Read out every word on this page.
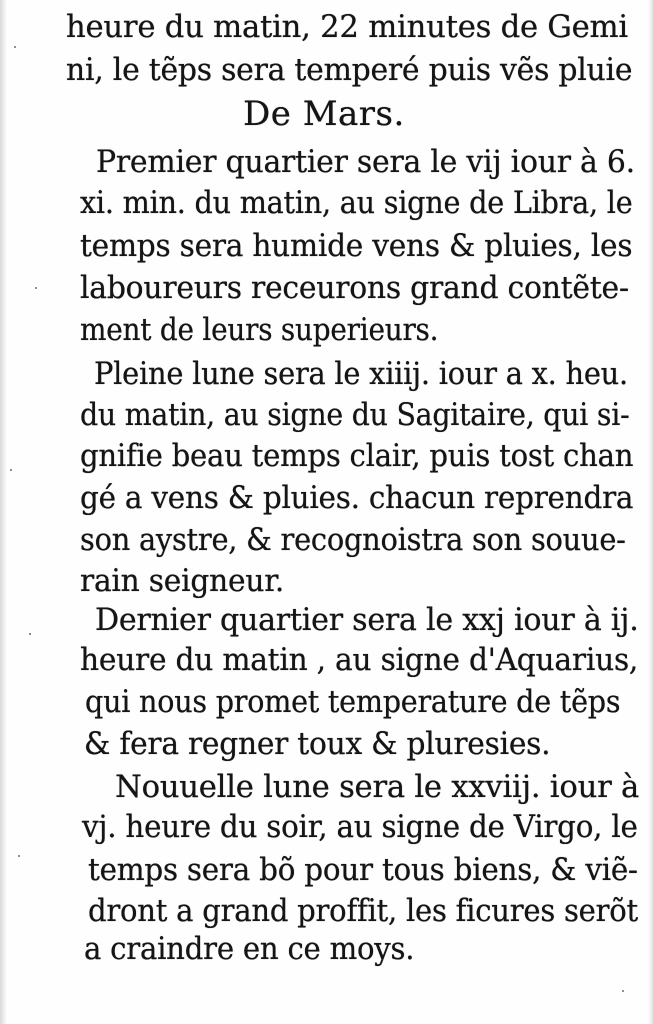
heure du matin, 22 minutes de Gemi
ni, le tẽps sera temperé puis vẽs pluie
De Mars.
Premier quartier sera le vij iour à 6.
xi. min. du matin, au signe de Libra, le
temps sera humide vens & pluies, les
laboureurs receurons grand contẽte-
ment de leurs superieurs.
Pleine lune sera le xiiij. iour a x. heu.
du matin, au signe du Sagitaire, qui si-
gnifie beau temps clair, puis tost chan
gé a vens & pluies. chacun reprendra
son aystre, & recognoistra son souue-
rain seigneur.
Dernier quartier sera le xxj iour à ij.
heure du matin , au signe d'Aquarius,
qui nous promet temperature de tẽps
& fera regner toux & pluresies.
Nouuelle lune sera le xxviij. iour à
vj. heure du soir, au signe de Virgo, le
temps sera bõ pour tous biens, & viẽ-
dront a grand proffit, les ficures serõt
a craindre en ce moys.
